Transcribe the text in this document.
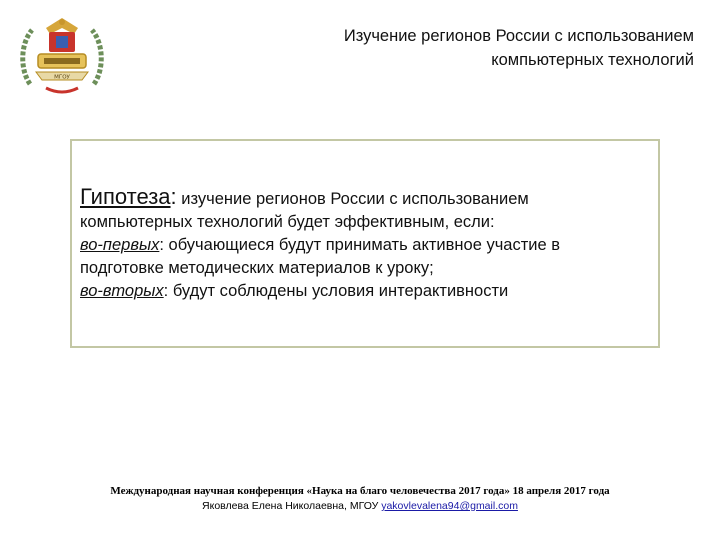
МГОУ
Изучение регионов России с использованием
компьютерных технологий
Гипотеза: изучение регионов России с использованием
компьютерных технологий будет эффективным, если:
во-первых: обучающиеся будут принимать активное участие в
подготовке методических материалов к уроку;
во-вторых: будут соблюдены условия интерактивности
Международная научная конференция «Наука на благо человечества 2017 года» 18 апреля 2017 года
Яковлева Елена Николаевна, МГОУ yakovlevalena94@gmail.com
